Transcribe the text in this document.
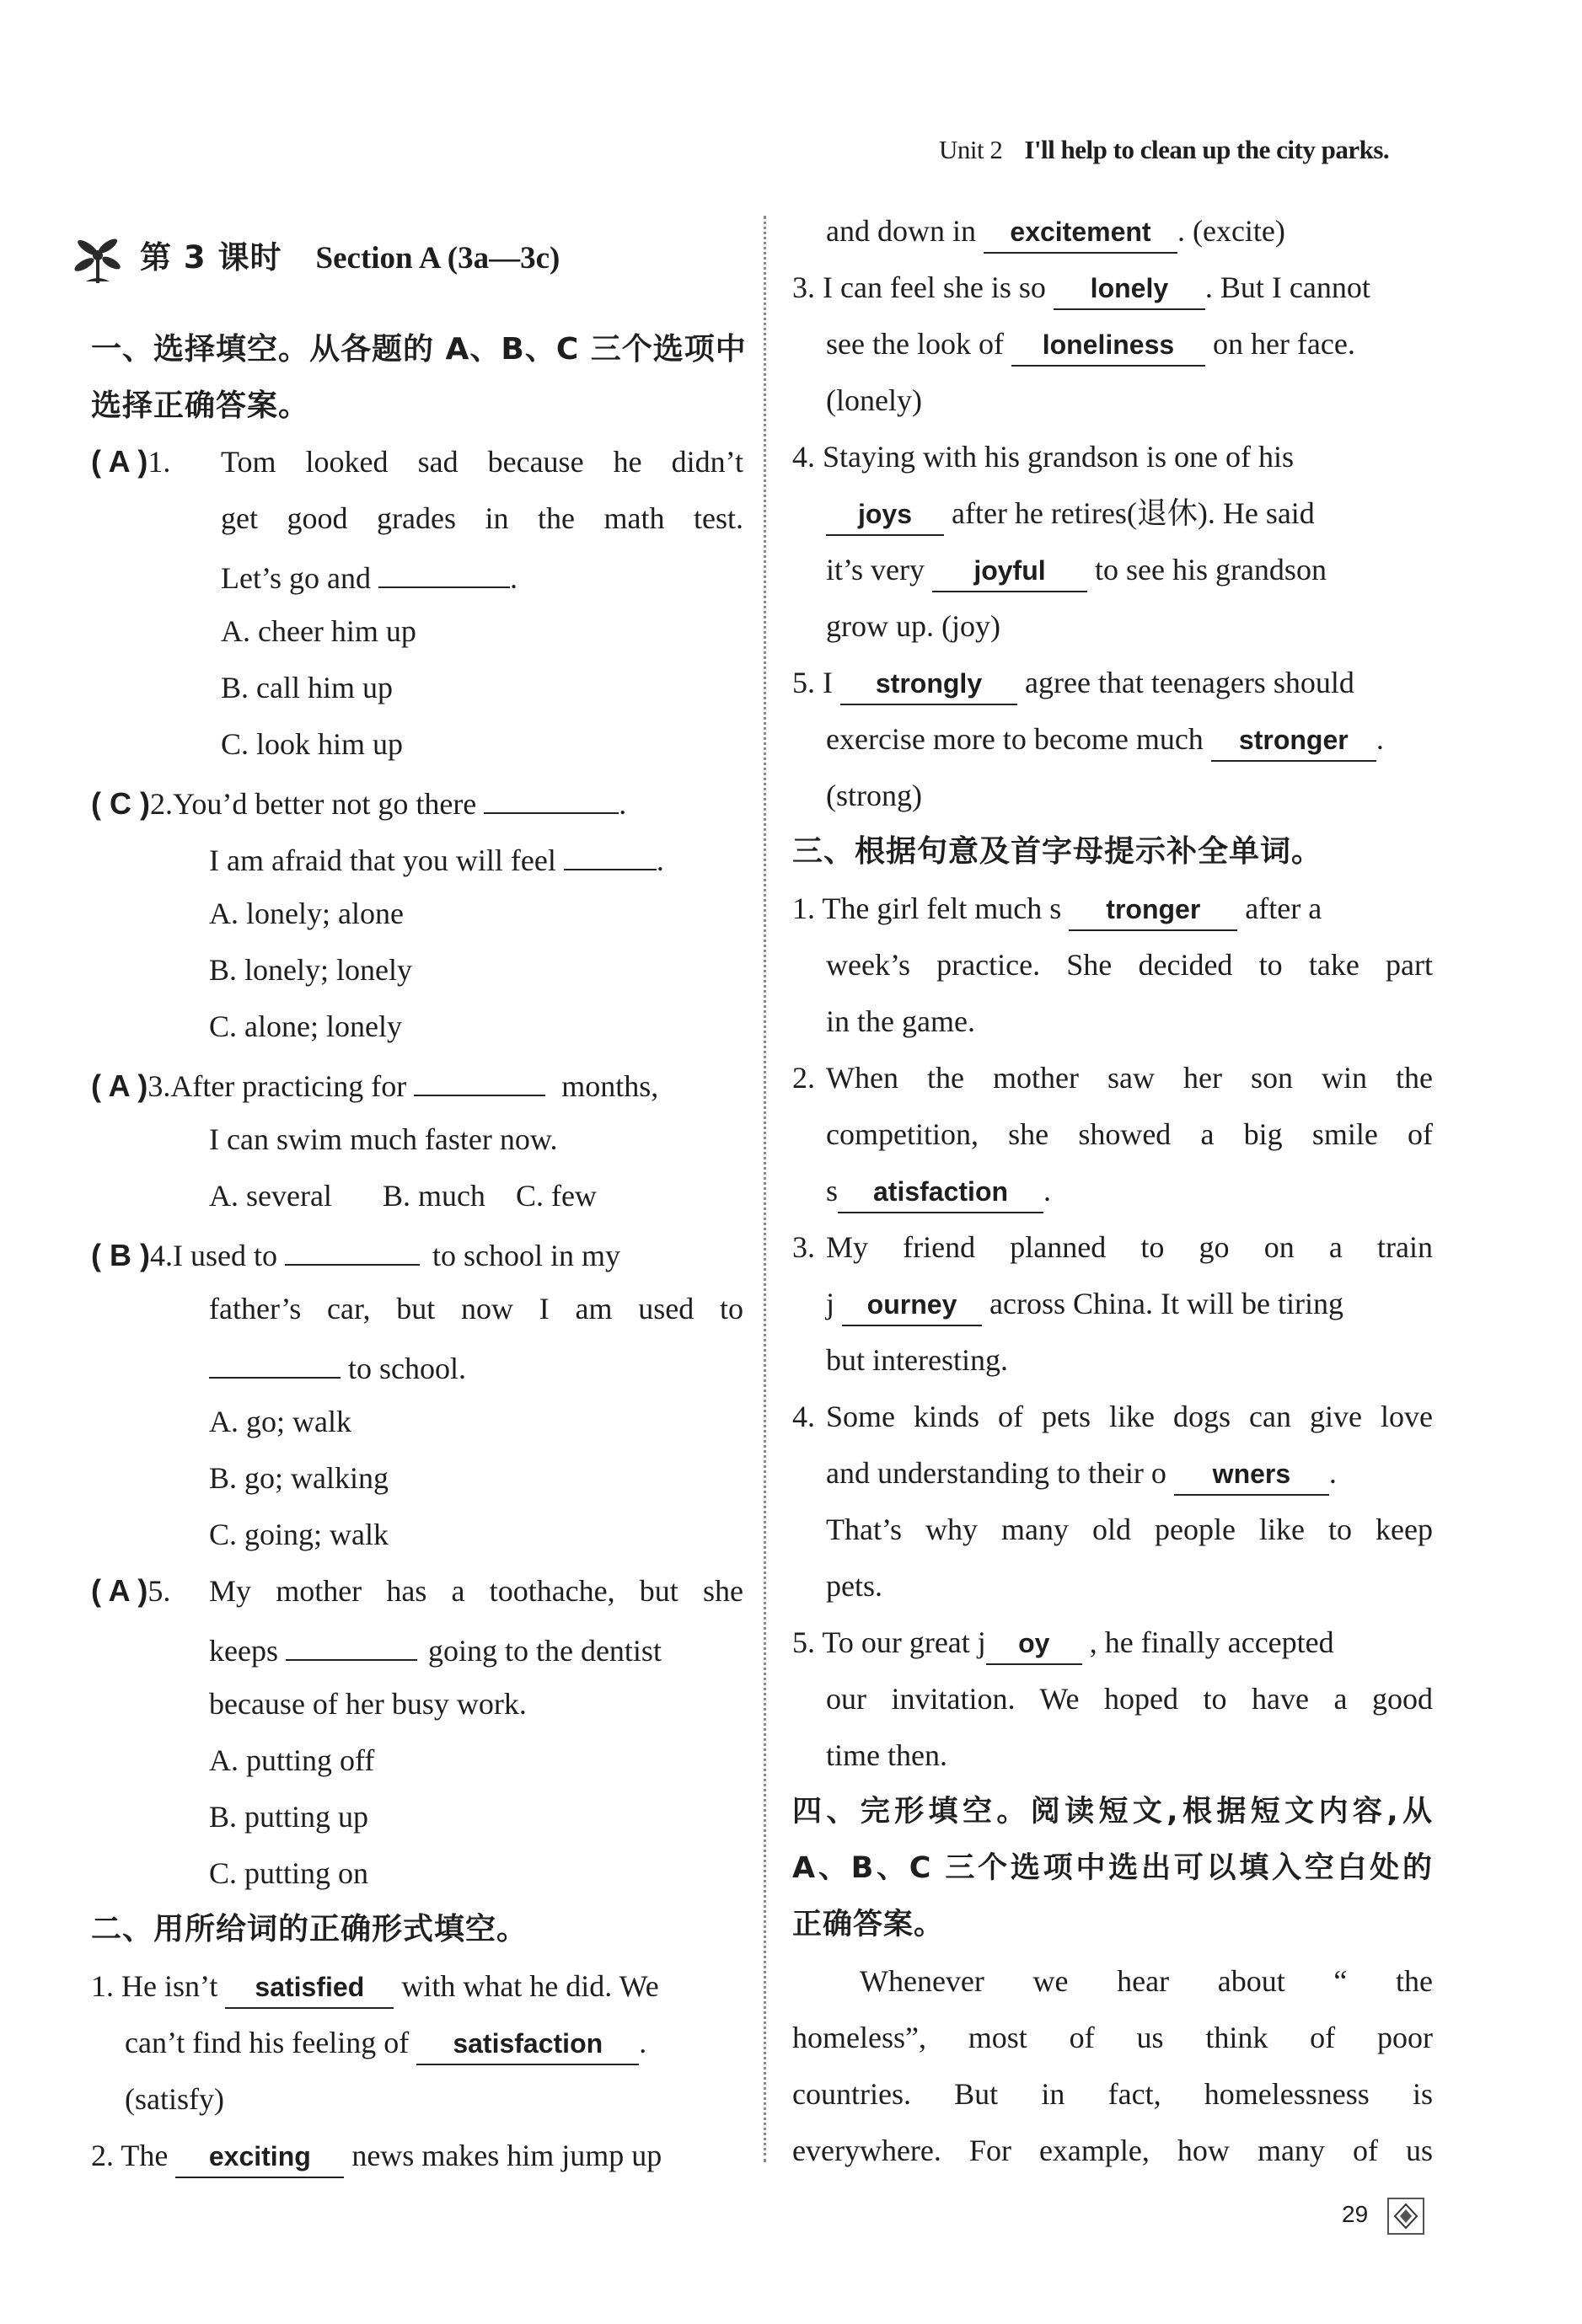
Unit 2 I'll help to clean up the city parks.
第 3 课时 Section A (3a—3c)
一、选择填空。从各题的 A、B、C 三个选项中
选择正确答案。
( A )1. Tom looked sad because he didn’t
get good grades in the math test.
Let’s go and	.
A. cheer him up
B. call him up
C. look him up
( C )2.You’d better not go there	.
I am afraid that you will feel	.
A. lonely; alone
B. lonely; lonely
C. alone; lonely
( A )3.After practicing for	months,
I can swim much faster now.
A. several B. much C. few
( B )4.I used to	to school in my
father’s car, but now I am used to
to school.
A. go; walk
B. go; walking
C. going; walk
( A )5. My mother has a toothache, but she
keeps	going to the dentist
because of her busy work.
A. putting off
B. putting up
C. putting on
二、用所给词的正确形式填空。
1. He isn’t satisfied with what he did. We
can’t find his feeling of satisfaction .
(satisfy)
2. The exciting news makes him jump up
and down in excitement . (excite)
3. I can feel she is so lonely . But I cannot
see the look of loneliness on her face.
(lonely)
4. Staying with his grandson is one of his
joys after he retires(退休). He said
it’s very joyful to see his grandson
grow up. (joy)
5. I strongly agree that teenagers should
exercise more to become much stronger .
(strong)
三、根据句意及首字母提示补全单词。
1. The girl felt much s tronger after a
week’s practice. She decided to take part
in the game.
2. When the mother saw her son win the
competition, she showed a big smile of
s atisfaction .
3. My friend planned to go on a train
j ourney across China. It will be tiring
but interesting.
4. Some kinds of pets like dogs can give love
and understanding to their o wners .
That’s why many old people like to keep
pets.
5. To our great j oy , he finally accepted
our invitation. We hoped to have a good
time then.
四、完形填空。阅读短文,根据短文内容,从
A、B、C 三个选项中选出可以填入空白处的
正确答案。
Whenever we hear about “ the
homeless”, most of us think of poor
countries. But in fact, homelessness is
everywhere. For example, how many of us
29
